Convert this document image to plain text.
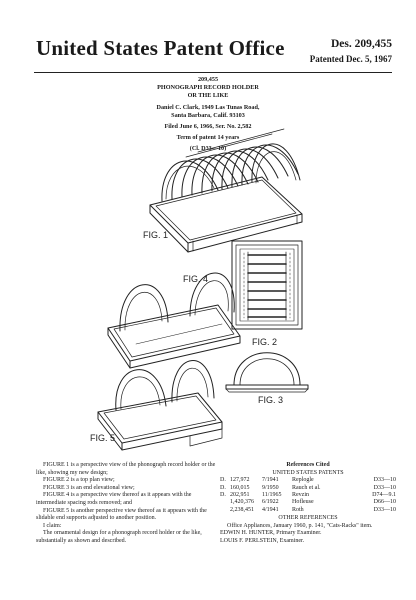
United States Patent Office	Des. 209,455
Patented Dec. 5, 1967
209,455
PHONOGRAPH RECORD HOLDER
OR THE LIKE
Daniel C. Clark, 1949 Las Tunas Road,
Santa Barbara, Calif. 93103
Filed June 6, 1966, Ser. No. 2,582
Term of patent 14 years
(Cl. D33—10)
FIG. 1
FIG. 2
FIG. 3
FIG. 4
FIG. 5

FIGURE 1 is a perspective view of the phonograph record holder or the like, showing my new design;

FIGURE 2 is a top plan view;

FIGURE 3 is an end elevational view;

FIGURE 4 is a perspective view thereof as it appears with the intermediate spacing rods removed; and

FIGURE 5 is another perspective view thereof as it appears with the slidable end supports adjusted to another position.

I claim:

The ornamental design for a phonograph record holder or the like, substantially as shown and described.

References Cited
UNITED STATES PATENTS
D.	127,972	7/1941	Replogle	D33—10
D.	160,015	9/1950	Rauch et al.	D33—10
D.	202,951	11/1965	Revzin	D74—9.1
	1,420,376	6/1922	Hofleuse	D66—10
	2,238,451	4/1941	Roth	D33—10
OTHER REFERENCES

Office Appliances, January 1960, p. 141, "Cats-Racks" item.

EDWIN H. HUNTER, Primary Examiner.

LOUIS F. PERLSTEIN, Examiner.
